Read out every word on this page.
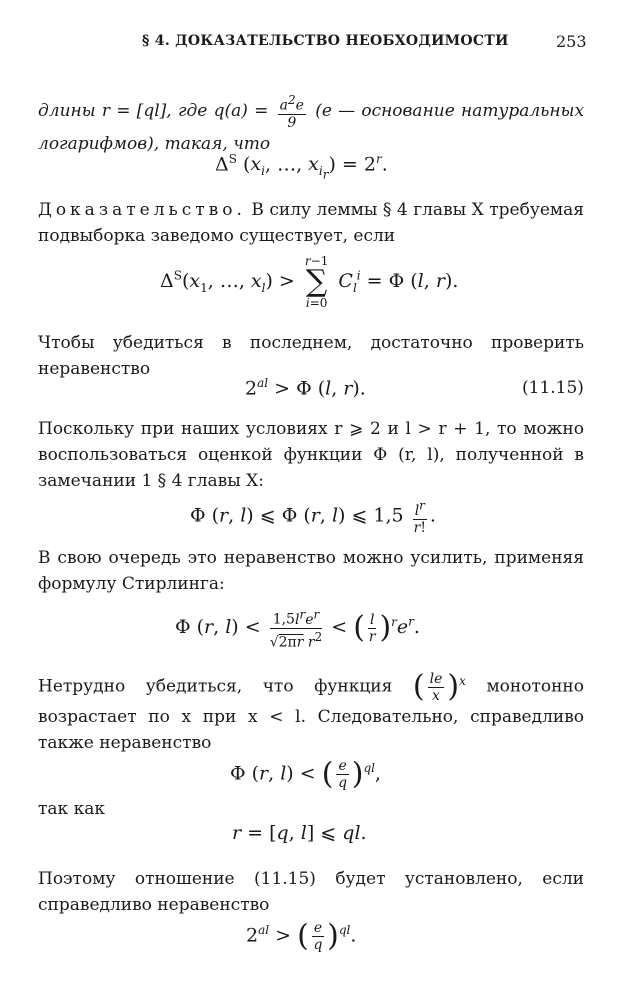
§ 4. ДОКАЗАТЕЛЬСТВО НЕОБХОДИМОСТИ	253
длины r = [ql], где $q(a) = \frac{a^2e}{9} (e$ — основание натуральных логарифмов), такая, что
$\Delta^S$ ($x_i$, …, $x_{i_r}) = 2^r$.
Доказательство. В силу леммы § 4 главы X требуемая подвыборка заведомо существует, если
$\Delta^S(x_1$, …, $x_l) > r-1$
∑
i=0 $C_l^i = \Phi$ (l, r).
Чтобы убедиться в последнем, достаточно проверить неравенство
$2^{al} > \Phi$ (l, r).	(11.15)
Поскольку при наших условиях r ⩾ 2 и l > r + 1, то можно воспользоваться оценкой функции Φ (r, l), полученной в замечании 1 § 4 главы X:
Φ (r, l) ⩽ Φ (r, l) ⩽ $1,5 \frac{l^r}{r!}$ .
В свою очередь это неравенство можно усилить, применяя формулу Стирлинга:
Φ (r, $l) < \frac{1,5l^re^r}{√2\pi r r^2}$ < ( $\frac{l}{r} )^re^r$.
Нетрудно убедиться, что функция ( $\frac{le}{x} )^x$ монотонно возрастает по x при x < l. Следовательно, справедливо также неравенство
Φ (r, l) < ( $\frac{e}{q} )^{ql}$,
так как
r = [q, l] ⩽ ql.
Поэтому отношение (11.15) будет установлено, если справедливо неравенство
$2^{al}$ > ( $\frac{e}{q} )^{ql}$.
